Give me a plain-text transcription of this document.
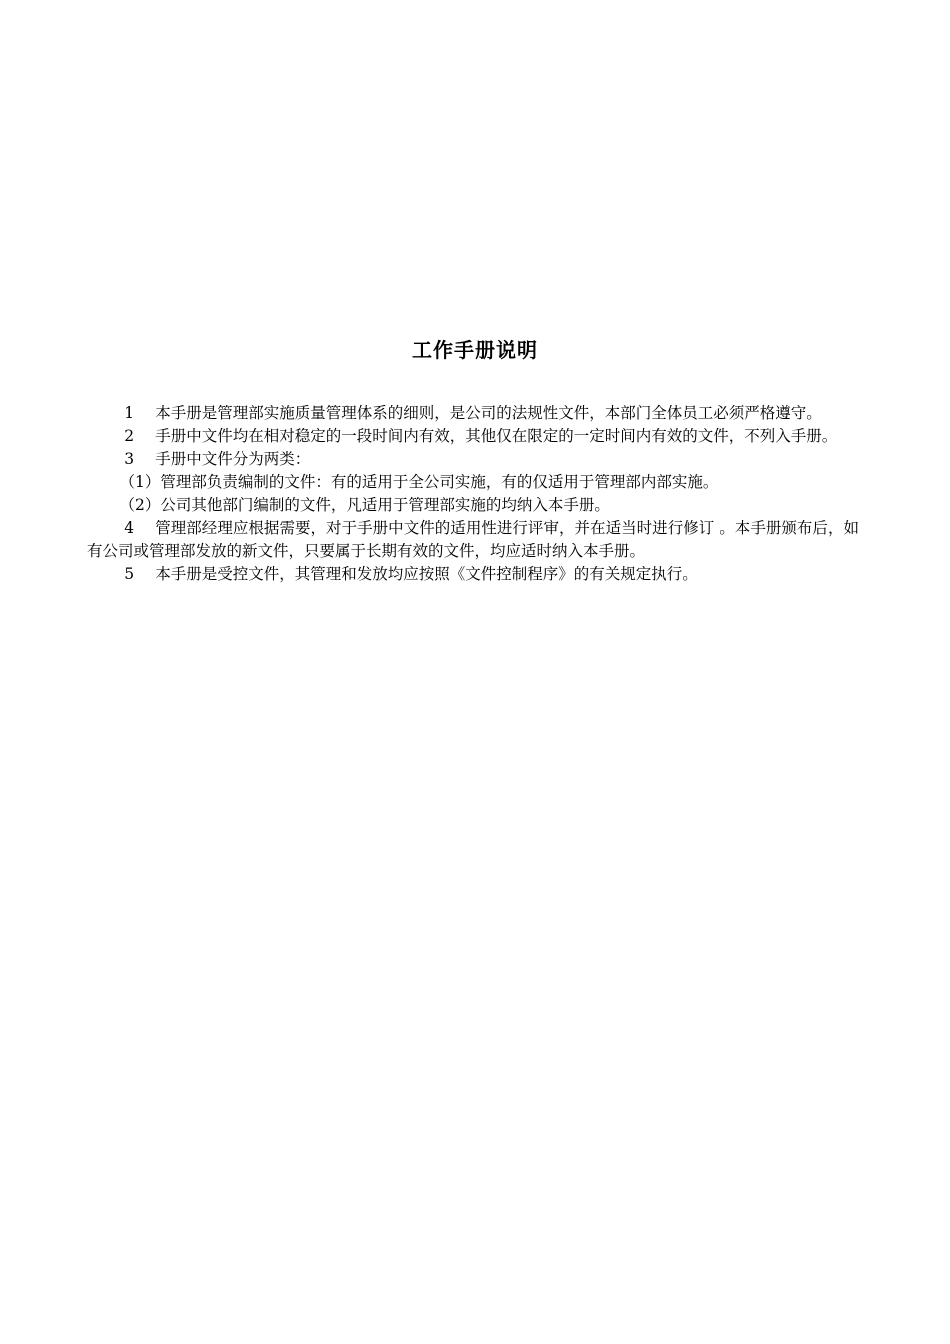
工作手册说明

1 本手册是管理部实施质量管理体系的细则，是公司的法规性文件，本部门全体员工必须严格遵守。

2 手册中文件均在相对稳定的一段时间内有效，其他仅在限定的一定时间内有效的文件，不列入手册。

3 手册中文件分为两类：

（1）管理部负责编制的文件：有的适用于全公司实施，有的仅适用于管理部内部实施。

（2）公司其他部门编制的文件，凡适用于管理部实施的均纳入本手册。

4 管理部经理应根据需要，对于手册中文件的适用性进行评审，并在适当时进行修订 。本手册颁布后，如有公司或管理部发放的新文件，只要属于长期有效的文件，均应适时纳入本手册。

5 本手册是受控文件，其管理和发放均应按照《文件控制程序》的有关规定执行。
